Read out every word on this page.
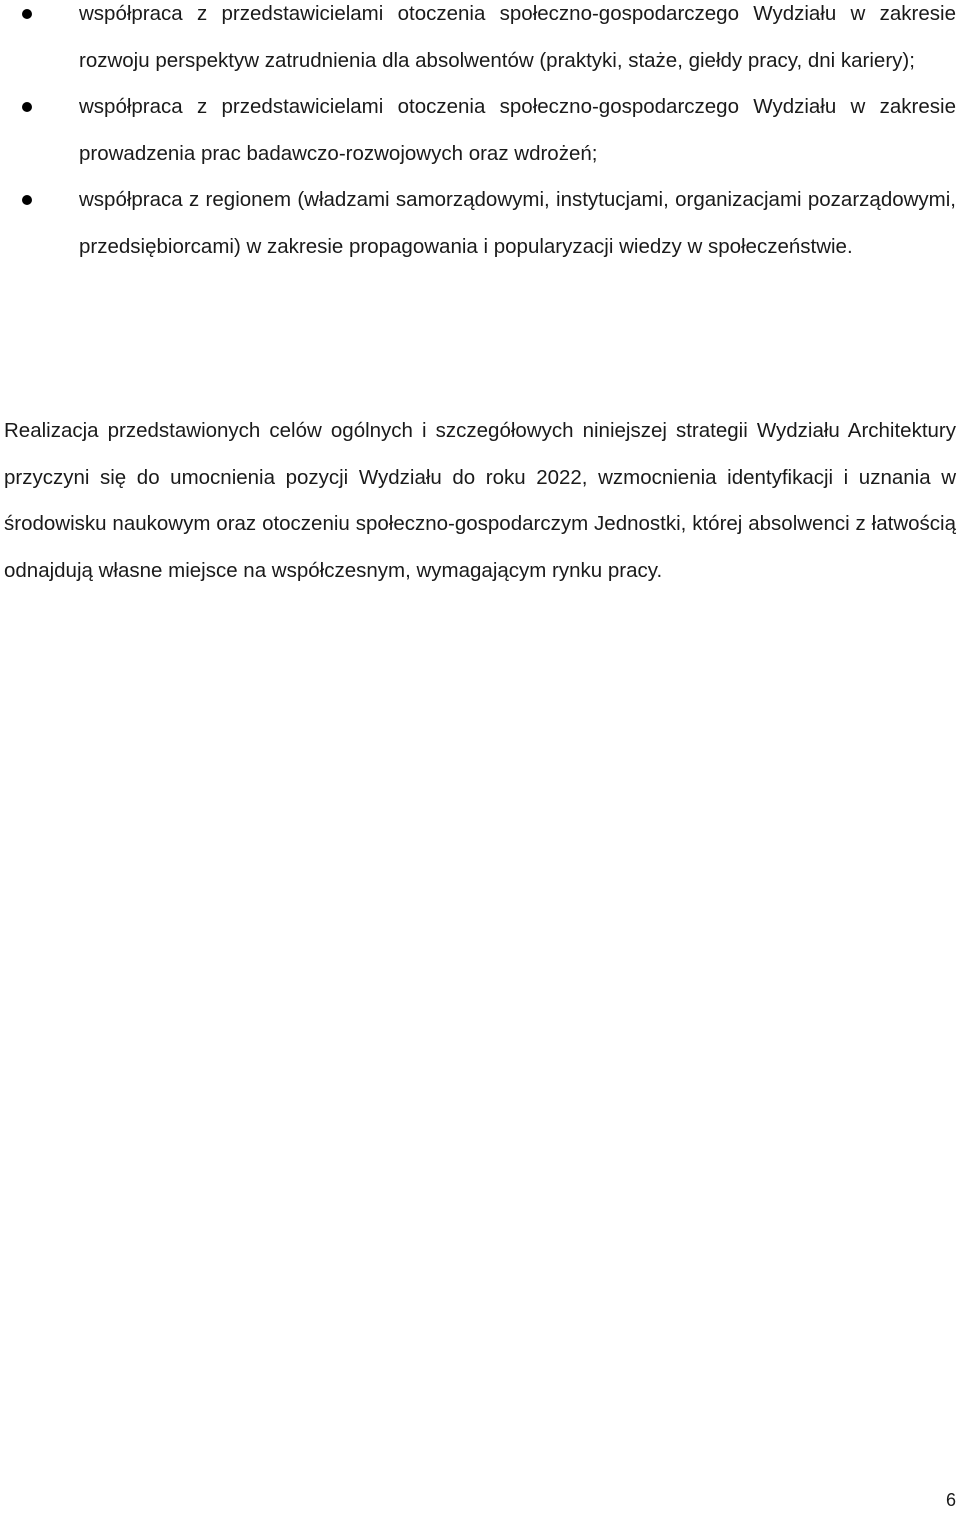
współpraca z przedstawicielami otoczenia społeczno-gospodarczego Wydziału w zakresie rozwoju perspektyw zatrudnienia dla absolwentów (praktyki, staże, giełdy pracy, dni kariery);
współpraca z przedstawicielami otoczenia społeczno-gospodarczego Wydziału w zakresie prowadzenia prac badawczo-rozwojowych oraz wdrożeń;
współpraca z regionem (władzami samorządowymi, instytucjami, organizacjami pozarządowymi, przedsiębiorcami) w zakresie propagowania i popularyzacji wiedzy w społeczeństwie.

Realizacja przedstawionych celów ogólnych i szczegółowych niniejszej strategii Wydziału Architektury przyczyni się do umocnienia pozycji Wydziału do roku 2022, wzmocnienia identyfikacji i uznania w środowisku naukowym oraz otoczeniu społeczno-gospodarczym Jednostki, której absolwenci z łatwością odnajdują własne miejsce na współczesnym, wymagającym rynku pracy.

6
